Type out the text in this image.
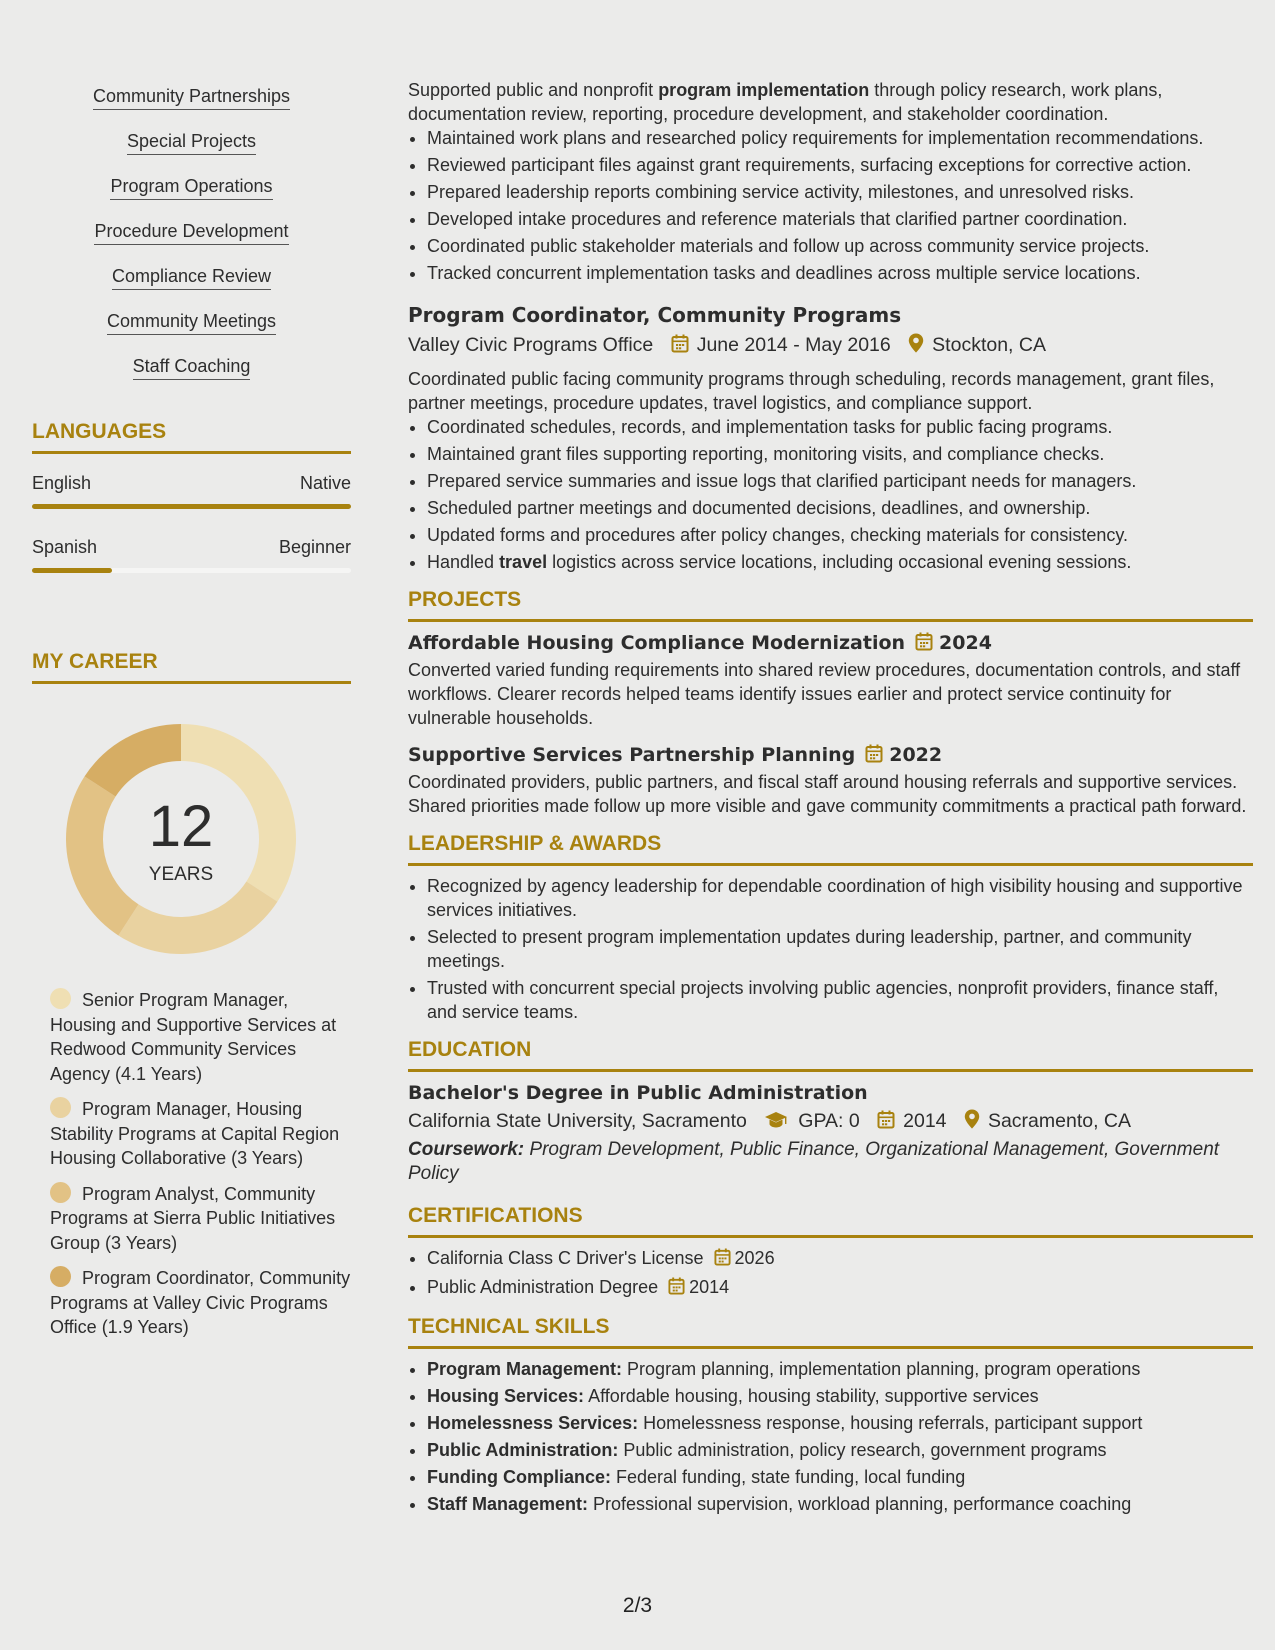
Community Partnerships
Special Projects
Program Operations
Procedure Development
Compliance Review
Community Meetings
Staff Coaching
LANGUAGES
English	Native
Spanish	Beginner
MY CAREER
12
YEARS
Senior Program Manager, Housing and Supportive Services at Redwood Community Services Agency (4.1 Years)
Program Manager, Housing Stability Programs at Capital Region Housing Collaborative (3 Years)
Program Analyst, Community Programs at Sierra Public Initiatives Group (3 Years)
Program Coordinator, Community Programs at Valley Civic Programs Office (1.9 Years)

Supported public and nonprofit program implementation through policy research, work plans, documentation review, reporting, procedure development, and stakeholder coordination.

• Maintained work plans and researched policy requirements for implementation recommendations.
• Reviewed participant files against grant requirements, surfacing exceptions for corrective action.
• Prepared leadership reports combining service activity, milestones, and unresolved risks.
• Developed intake procedures and reference materials that clarified partner coordination.
• Coordinated public stakeholder materials and follow up across community service projects.
• Tracked concurrent implementation tasks and deadlines across multiple service locations.
Program Coordinator, Community Programs
Valley Civic Programs Office June 2014 - May 2016 Stockton, CA

Coordinated public facing community programs through scheduling, records management, grant files, partner meetings, procedure updates, travel logistics, and compliance support.

• Coordinated schedules, records, and implementation tasks for public facing programs.
• Maintained grant files supporting reporting, monitoring visits, and compliance checks.
• Prepared service summaries and issue logs that clarified participant needs for managers.
• Scheduled partner meetings and documented decisions, deadlines, and ownership.
• Updated forms and procedures after policy changes, checking materials for consistency.
• Handled travel logistics across service locations, including occasional evening sessions.
PROJECTS
Affordable Housing Compliance Modernization 2024

Converted varied funding requirements into shared review procedures, documentation controls, and staff workflows. Clearer records helped teams identify issues earlier and protect service continuity for vulnerable households.

Supportive Services Partnership Planning 2022

Coordinated providers, public partners, and fiscal staff around housing referrals and supportive services. Shared priorities made follow up more visible and gave community commitments a practical path forward.

LEADERSHIP & AWARDS
• Recognized by agency leadership for dependable coordination of high visibility housing and supportive services initiatives.
• Selected to present program implementation updates during leadership, partner, and community meetings.
• Trusted with concurrent special projects involving public agencies, nonprofit providers, finance staff, and service teams.
EDUCATION
Bachelor's Degree in Public Administration
California State University, Sacramento	GPA: 0 2014 Sacramento, CA

Coursework: Program Development, Public Finance, Organizational Management, Government Policy

CERTIFICATIONS
• California Class C Driver's License 2026
• Public Administration Degree 2014
TECHNICAL SKILLS
• Program Management: Program planning, implementation planning, program operations
• Housing Services: Affordable housing, housing stability, supportive services
• Homelessness Services: Homelessness response, housing referrals, participant support
• Public Administration: Public administration, policy research, government programs
• Funding Compliance: Federal funding, state funding, local funding
• Staff Management: Professional supervision, workload planning, performance coaching
2/3
